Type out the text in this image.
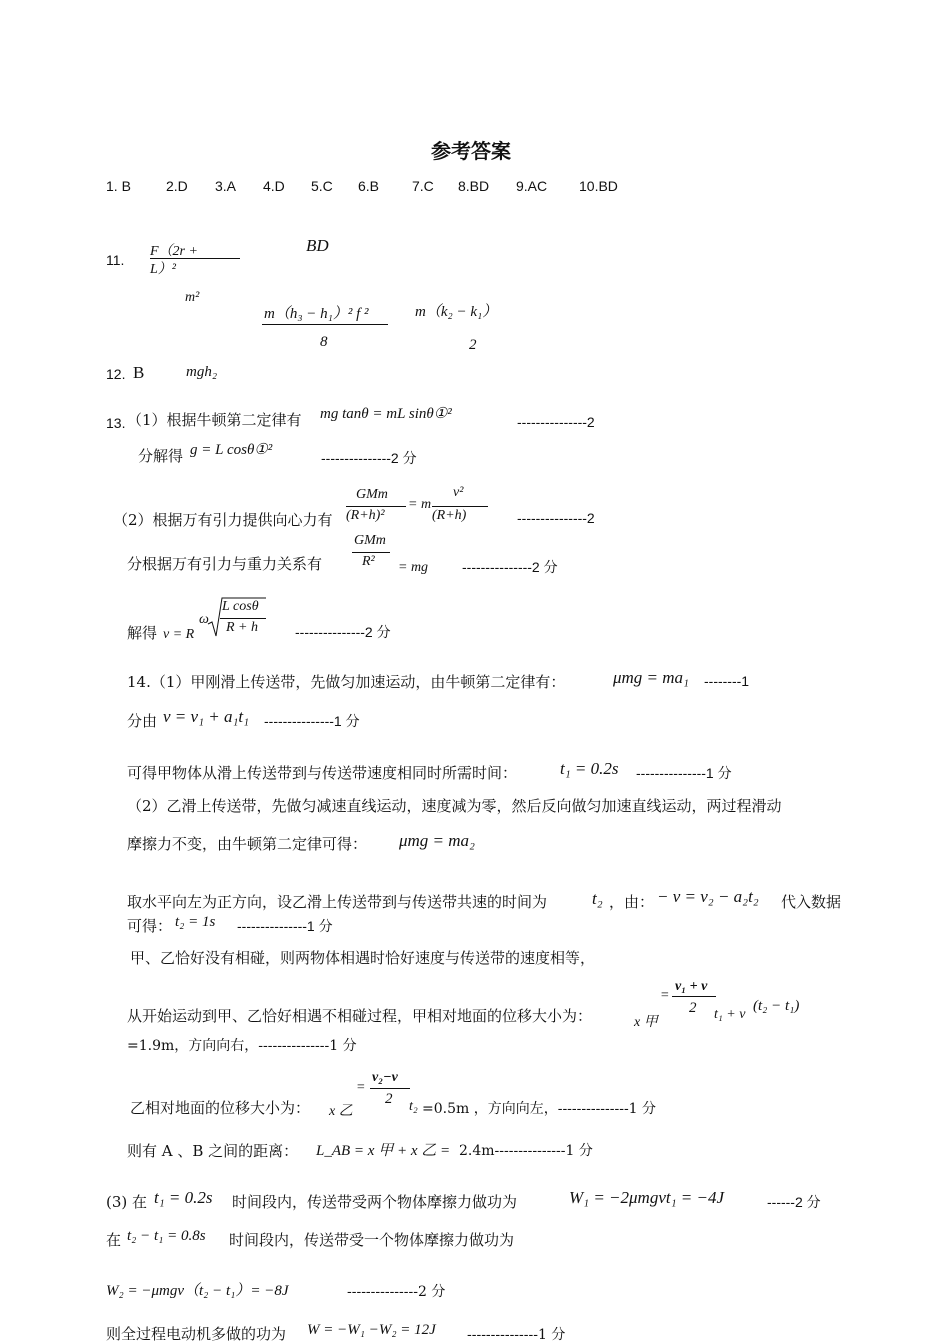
参考答案
1. B	2.D 3.A 4.D 5.C 6.B 7.C 8.BD 9.AC 10.BD
11.
F（2r +
L）²
BD
m²
m（h₃ − h₁）² f ²
8
m（k₂ − k₁）
2
12. B	mgh₂
13. （1）根据牛顿第二定律有 mg tanθ = mL sinθ①²	---------------2
分解得 g = L cosθ①²	---------------2 分
（2）根据万有引力提供向心力有
GMm
(R+h)²
= m
v²
(R+h)	---------------2
分根据万有引力与重力关系有
GMm
R² = mg ---------------2 分
解得 v = R
ω
L cosθ
R + h	---------------2 分
14.（1）甲刚滑上传送带，先做匀加速运动，由牛顿第二定律有：	μmg = ma₁ --------1
分由 v = v₁ + a₁t₁ ---------------1 分
可得甲物体从滑上传送带到与传送带速度相同时所需时间：	t₁ = 0.2s ---------------1 分
（2）乙滑上传送带，先做匀减速直线运动，速度减为零，然后反向做匀加速直线运动，两过程滑动
摩擦力不变，由牛顿第二定律可得： μmg = ma₂
取水平向左为正方向，设乙滑上传送带到与传送带共速的时间为	t₂ ，由： − v = v₂ − a₂t₂ 代入数据
可得： t₂ = 1s ---------------1 分
甲、乙恰好没有相碰，则两物体相遇时恰好速度与传送带的速度相等，
从开始运动到甲、乙恰好相遇不相碰过程，甲相对地面的位移大小为：	x 甲
=
v₁ + v
2 t₁ + v
(t₂ − t₁)
=1.9m，方向向右，---------------1 分
乙相对地面的位移大小为： x 乙
=
v₂−v
2 t₂ =0.5m ，方向向左，---------------1 分
则有 A 、B 之间的距离： L_AB = x 甲 + x 乙 = 2.4m---------------1 分
(3) 在 t₁ = 0.2s 时间段内，传送带受两个物体摩擦力做功为	W₁ = −2μmgvt₁ = −4J	------2 分
在 t₂ − t₁ = 0.8s 时间段内，传送带受一个物体摩擦力做功为
W₂ = −μmgv（t₂ − t₁）= −8J	---------------2 分
则全过程电动机多做的功为 W = −W₁ −W₂ = 12J ---------------1 分
